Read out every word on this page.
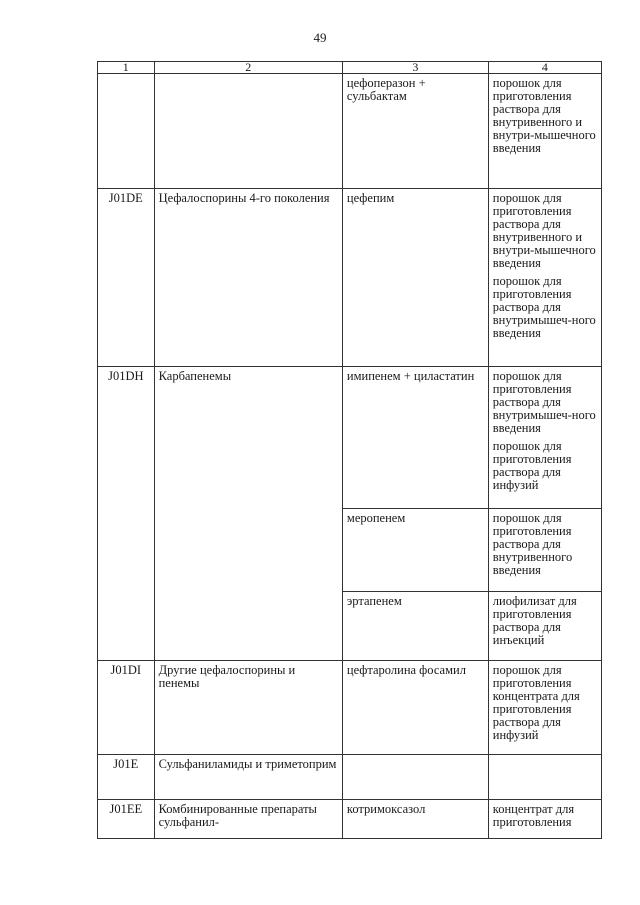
49
1	2	3	4
		цефоперазон + сульбактам	порошок для приготовления раствора для внутривенного и внутри-мышечного введения

J01DE	Цефалоспорины 4-го поколения	цефепим	порошок для приготовления раствора для внутривенного и внутри-мышечного введения
порошок для приготовления раствора для внутримышеч-ного введения

J01DH	Карбапенемы	имипенем + циластатин	порошок для приготовления раствора для внутримышеч-ного введения
порошок для приготовления раствора для инфузий

		меропенем	порошок для приготовления раствора для внутривенного введения

		эртапенем	лиофилизат для приготовления раствора для инъекций

J01DI	Другие цефалоспорины и пенемы	цефтаролина фосамил	порошок для приготовления концентрата для приготовления раствора для инфузий

J01E	Сульфаниламиды и триметоприм		

J01EE	Комбинированные препараты сульфанил-	котримоксазол	концентрат для приготовления
